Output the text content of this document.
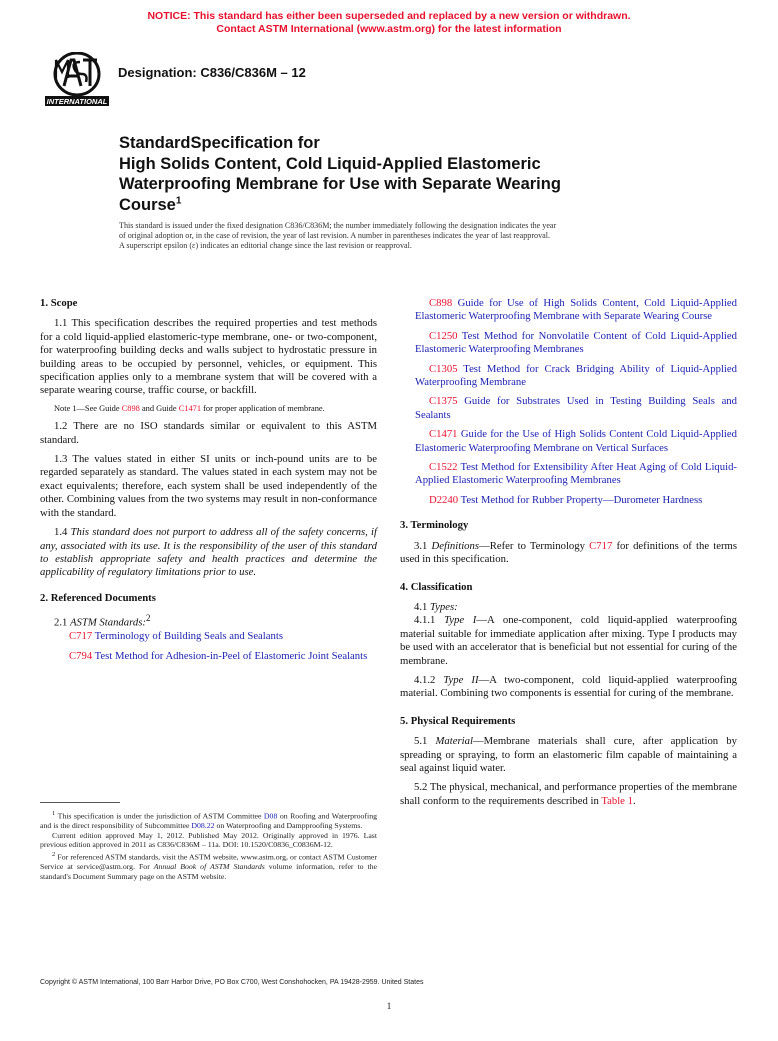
NOTICE: This standard has either been superseded and replaced by a new version or withdrawn.
Contact ASTM International (www.astm.org) for the latest information
INTERNATIONAL
Designation: C836/C836M – 12
StandardSpecification for
High Solids Content, Cold Liquid-Applied Elastomeric
Waterproofing Membrane for Use with Separate Wearing
Course$^1$
This standard is issued under the fixed designation C836/C836M; the number immediately following the designation indicates the year
of original adoption or, in the case of revision, the year of last revision. A number in parentheses indicates the year of last reapproval.
A superscript epsilon (ε) indicates an editorial change since the last revision or reapproval.
1. Scope

1.1 This specification describes the required properties and test methods for a cold liquid-applied elastomeric-type membrane, one- or two-component, for waterproofing building decks and walls subject to hydrostatic pressure in building areas to be occupied by personnel, vehicles, or equipment. This specification applies only to a membrane system that will be covered with a separate wearing course, traffic course, or backfill.

Note 1—See Guide C898 and Guide C1471 for proper application of membrane.

1.2 There are no ISO standards similar or equivalent to this ASTM standard.

1.3 The values stated in either SI units or inch-pound units are to be regarded separately as standard. The values stated in each system may not be exact equivalents; therefore, each system shall be used independently of the other. Combining values from the two systems may result in non-conformance with the standard.

1.4 This standard does not purport to address all of the safety concerns, if any, associated with its use. It is the responsibility of the user of this standard to establish appropriate safety and health practices and determine the applicability of regulatory limitations prior to use.

2. Referenced Documents

2.1 ASTM Standards:$^2$

C717 Terminology of Building Seals and Sealants

C794 Test Method for Adhesion-in-Peel of Elastomeric Joint Sealants

$^1$ This specification is under the jurisdiction of ASTM Committee D08 on Roofing and Waterproofing and is the direct responsibility of Subcommittee D08.22 on Waterproofing and Dampproofing Systems.

Current edition approved May 1, 2012. Published May 2012. Originally approved in 1976. Last previous edition approved in 2011 as C836/C836M – 11a. DOI: 10.1520/C0836_C0836M-12.

$^2$ For referenced ASTM standards, visit the ASTM website, www.astm.org, or contact ASTM Customer Service at service@astm.org. For Annual Book of ASTM Standards volume information, refer to the standard's Document Summary page on the ASTM website.

C898 Guide for Use of High Solids Content, Cold Liquid-Applied Elastomeric Waterproofing Membrane with Separate Wearing Course

C1250 Test Method for Nonvolatile Content of Cold Liquid-Applied Elastomeric Waterproofing Membranes

C1305 Test Method for Crack Bridging Ability of Liquid-Applied Waterproofing Membrane

C1375 Guide for Substrates Used in Testing Building Seals and Sealants

C1471 Guide for the Use of High Solids Content Cold Liquid-Applied Elastomeric Waterproofing Membrane on Vertical Surfaces

C1522 Test Method for Extensibility After Heat Aging of Cold Liquid-Applied Elastomeric Waterproofing Membranes

D2240 Test Method for Rubber Property—Durometer Hardness

3. Terminology

3.1 Definitions—Refer to Terminology C717 for definitions of the terms used in this specification.

4. Classification

4.1 Types:

4.1.1 Type I—A one-component, cold liquid-applied waterproofing material suitable for immediate application after mixing. Type I products may be used with an accelerator that is beneficial but not essential for curing of the membrane.

4.1.2 Type II—A two-component, cold liquid-applied waterproofing material. Combining two components is essential for curing of the membrane.

5. Physical Requirements

5.1 Material—Membrane materials shall cure, after application by spreading or spraying, to form an elastomeric film capable of maintaining a seal against liquid water.

5.2 The physical, mechanical, and performance properties of the membrane shall conform to the requirements described in Table 1.

Copyright © ASTM International, 100 Barr Harbor Drive, PO Box C700, West Conshohocken, PA 19428-2959. United States
1
